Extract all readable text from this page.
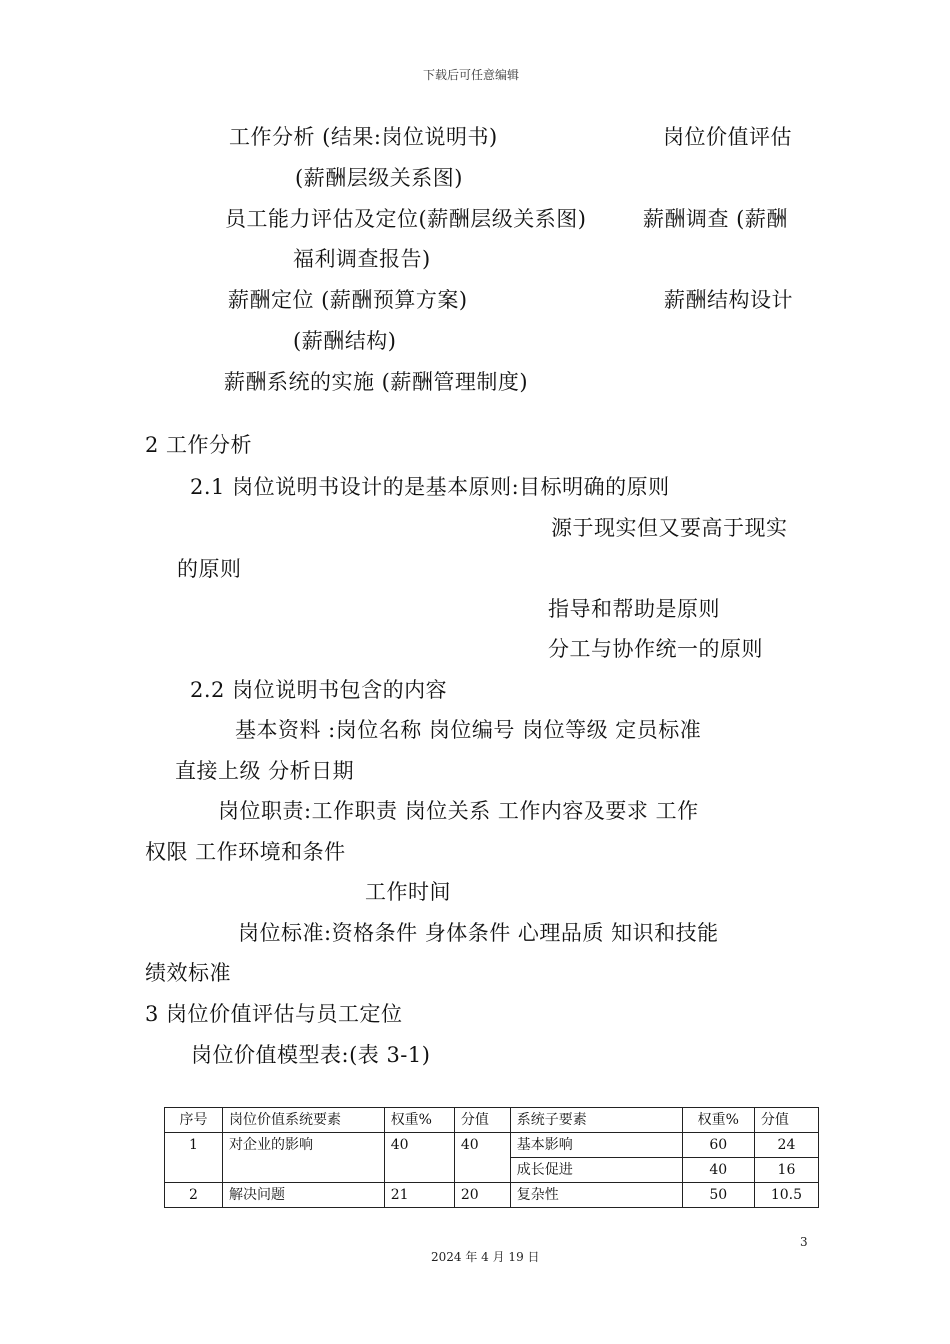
下载后可任意编辑
工作分析 (结果:岗位说明书)	岗位价值评估
(薪酬层级关系图)
员工能力评估及定位(薪酬层级关系图)	薪酬调查 (薪酬
福利调查报告)
薪酬定位 (薪酬预算方案)	薪酬结构设计
(薪酬结构)
薪酬系统的实施 (薪酬管理制度)
2 工作分析
2.1 岗位说明书设计的是基本原则:目标明确的原则
源于现实但又要高于现实
的原则
指导和帮助是原则
分工与协作统一的原则
2.2 岗位说明书包含的内容
基本资料 :岗位名称 岗位编号 岗位等级 定员标准
直接上级 分析日期
岗位职责:工作职责 岗位关系 工作内容及要求 工作
权限 工作环境和条件
工作时间
岗位标准:资格条件 身体条件 心理品质 知识和技能
绩效标准
3 岗位价值评估与员工定位
岗位价值模型表:(表 3-1)
序号	岗位价值系统要素	权重%	分值	系统子要素	权重%	分值
1	对企业的影响	40	40	基本影响	60	24
				成长促进	40	16
2	解决问题	21	20	复杂性	50	10.5
3
2024 年 4 月 19 日
